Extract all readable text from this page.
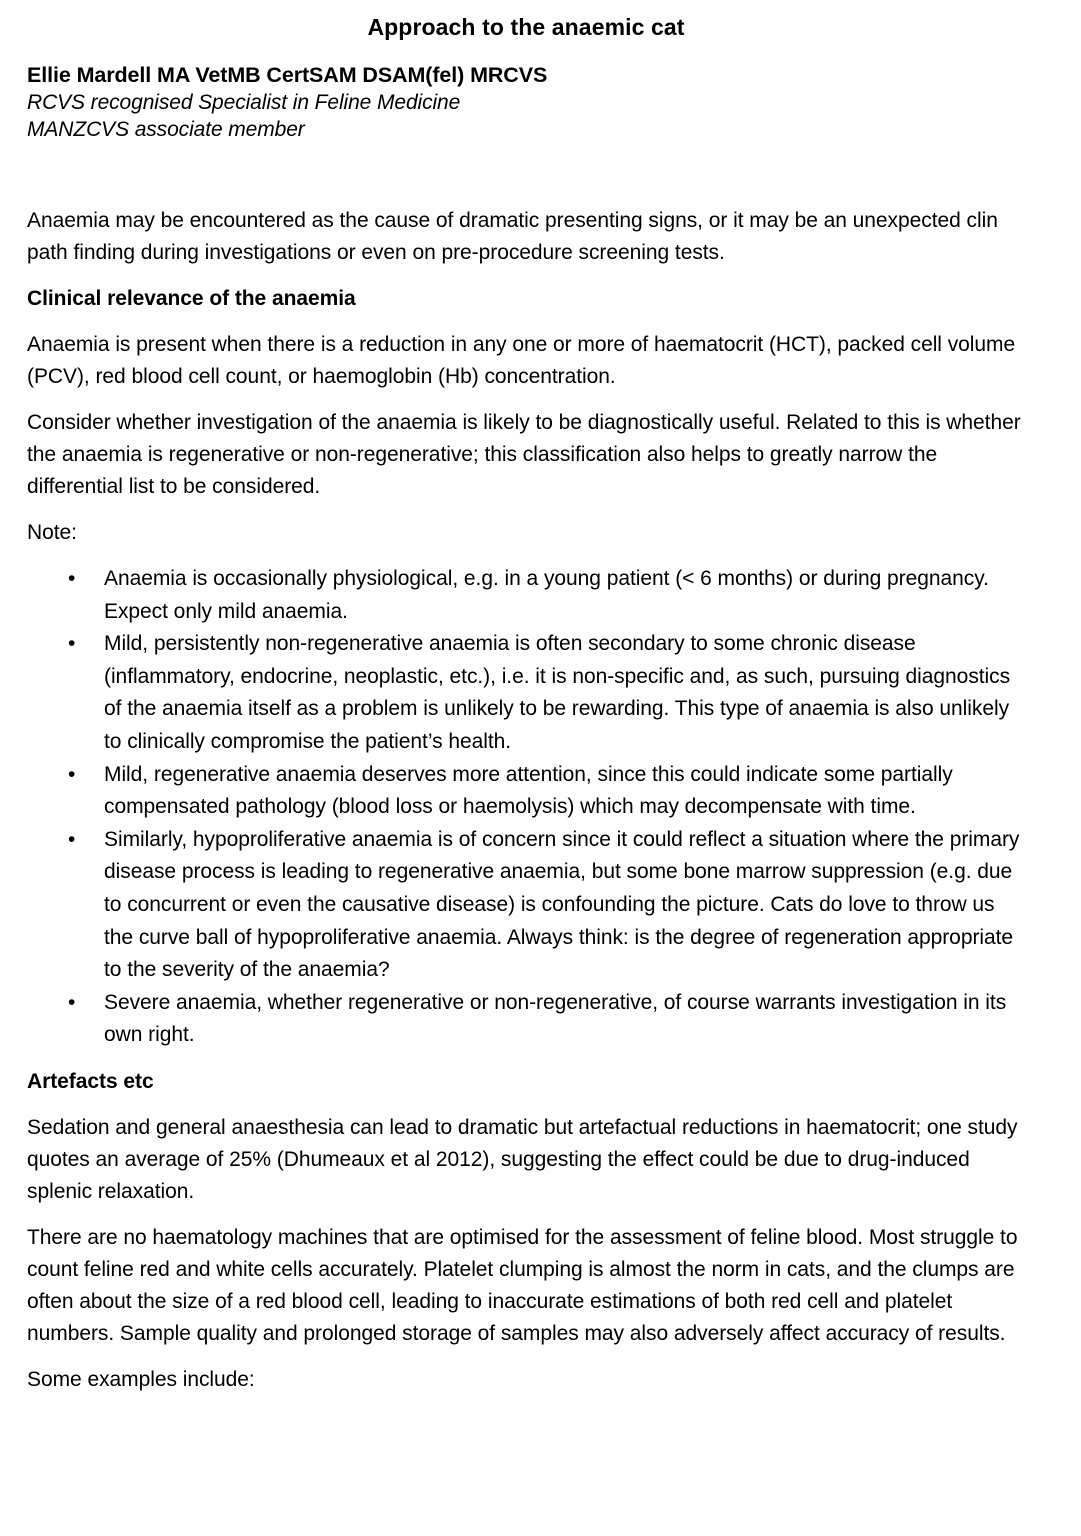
Approach to the anaemic cat
Ellie Mardell MA VetMB CertSAM DSAM(fel) MRCVS
RCVS recognised Specialist in Feline Medicine
MANZCVS associate member

Anaemia may be encountered as the cause of dramatic presenting signs, or it may be an unexpected clin path finding during investigations or even on pre-procedure screening tests.

Clinical relevance of the anaemia

Anaemia is present when there is a reduction in any one or more of haematocrit (HCT), packed cell volume (PCV), red blood cell count, or haemoglobin (Hb) concentration.

Consider whether investigation of the anaemia is likely to be diagnostically useful. Related to this is whether the anaemia is regenerative or non-regenerative; this classification also helps to greatly narrow the differential list to be considered.

Note:

• Anaemia is occasionally physiological, e.g. in a young patient (< 6 months) or during pregnancy. Expect only mild anaemia.
• Mild, persistently non-regenerative anaemia is often secondary to some chronic disease (inflammatory, endocrine, neoplastic, etc.), i.e. it is non-specific and, as such, pursuing diagnostics of the anaemia itself as a problem is unlikely to be rewarding. This type of anaemia is also unlikely to clinically compromise the patient’s health.
• Mild, regenerative anaemia deserves more attention, since this could indicate some partially compensated pathology (blood loss or haemolysis) which may decompensate with time.
• Similarly, hypoproliferative anaemia is of concern since it could reflect a situation where the primary disease process is leading to regenerative anaemia, but some bone marrow suppression (e.g. due to concurrent or even the causative disease) is confounding the picture. Cats do love to throw us the curve ball of hypoproliferative anaemia. Always think: is the degree of regeneration appropriate to the severity of the anaemia?
• Severe anaemia, whether regenerative or non-regenerative, of course warrants investigation in its own right.
Artefacts etc

Sedation and general anaesthesia can lead to dramatic but artefactual reductions in haematocrit; one study quotes an average of 25% (Dhumeaux et al 2012), suggesting the effect could be due to drug-induced splenic relaxation.

There are no haematology machines that are optimised for the assessment of feline blood. Most struggle to count feline red and white cells accurately. Platelet clumping is almost the norm in cats, and the clumps are often about the size of a red blood cell, leading to inaccurate estimations of both red cell and platelet numbers. Sample quality and prolonged storage of samples may also adversely affect accuracy of results.

Some examples include:
